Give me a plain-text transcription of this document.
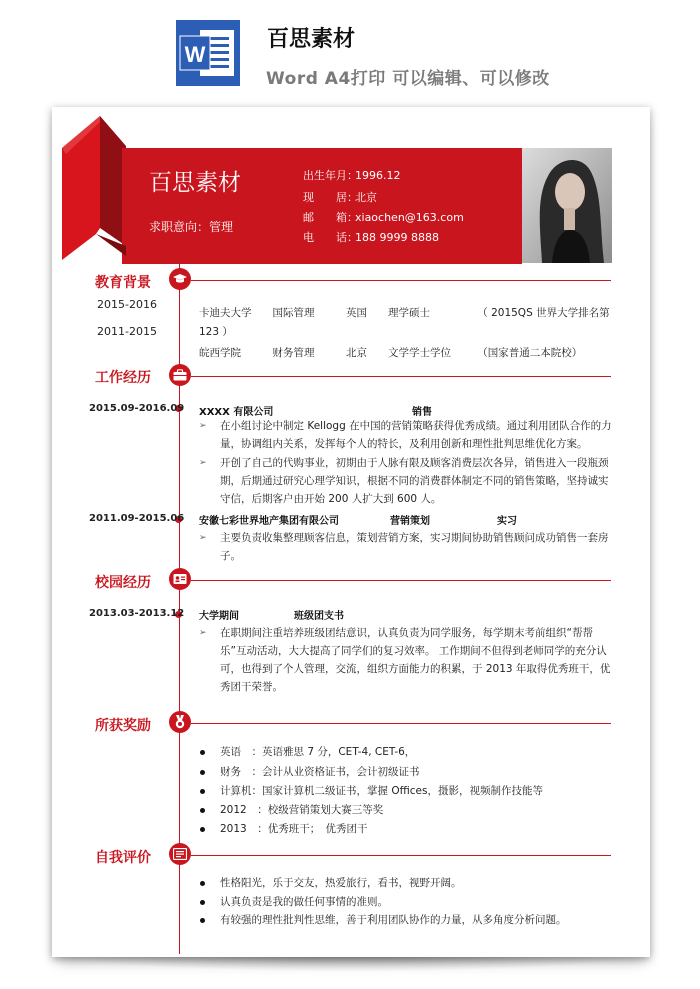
W
百思素材
Word A4打印 可以编辑、可以修改
百思素材
求职意向：管理
出生年月：1996.12
现　　居：北京
邮　　箱：xiaochen@163.com
电　　话：188 9999 8888
教育背景
2015-2016
2011-2015
卡迪夫大学　　国际管理　　　英国　　理学硕士　　　　　（ 2015QS 世界大学排名第
123 ）
皖西学院　　　财务管理　　　北京　　文学学士学位　　　（国家普通二本院校）
工作经历
2015.09-2016.09 XXXX 有限公司	销售
➢ 在小组讨论中制定 Kellogg 在中国的营销策略获得优秀成绩。通过利用团队合作的力量，协调组内关系，发挥每个人的特长，及利用创新和理性批判思维优化方案。
➢ 开创了自己的代购事业，初期由于人脉有限及顾客消费层次各异，销售进入一段瓶颈期，后期通过研究心理学知识，根据不同的消费群体制定不同的销售策略，坚持诚实守信，后期客户由开始 200 人扩大到 600 人。
2011.09-2015.06 安徽七彩世界地产集团有限公司	营销策划	实习
➢ 主要负责收集整理顾客信息，策划营销方案，实习期间协助销售顾问成功销售一套房子。
校园经历
2013.03-2013.12 大学期间	班级团支书
➢ 在职期间注重培养班级团结意识，认真负责为同学服务，每学期末考前组织“帮帮乐”互动活动，大大提高了同学们的复习效率。 工作期间不但得到老师同学的充分认可，也得到了个人管理，交流，组织方面能力的积累，于 2013 年取得优秀班干，优秀团干荣誉。
所获奖励
英语　：英语雅思 7 分，CET-4, CET-6，
财务　：会计从业资格证书，会计初级证书
计算机：国家计算机二级证书，掌握 Offices，摄影，视频制作技能等
2012　：校级营销策划大赛三等奖
2013　：优秀班干；　优秀团干
自我评价
性格阳光，乐于交友，热爱旅行，看书，视野开阔。
认真负责是我的做任何事情的准则。
有较强的理性批判性思维，善于利用团队协作的力量，从多角度分析问题。
